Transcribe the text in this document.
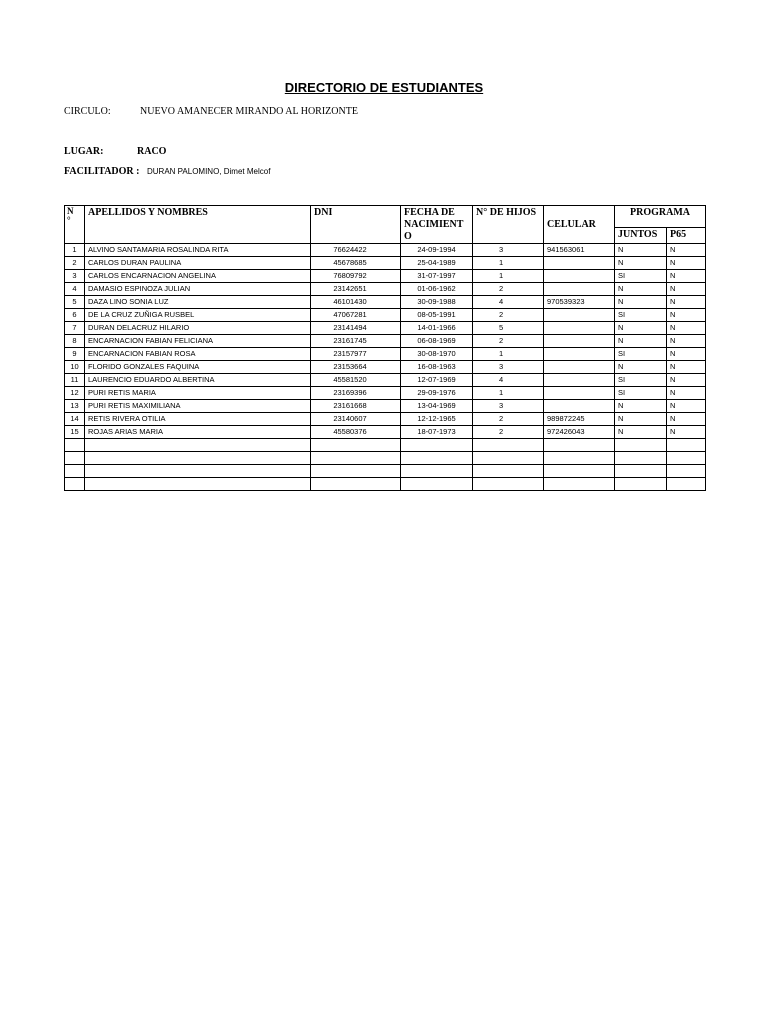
DIRECTORIO DE ESTUDIANTES
CIRCULO:	NUEVO AMANECER MIRANDO AL HORIZONTE
LUGAR:	RACO
FACILITADOR : DURAN PALOMINO, Dimet Melcof
N
°	APELLIDOS Y NOMBRES	DNI	FECHA DE NACIMIENT O	N° DE HIJOS	CELULAR	PROGRAMA	
						JUNTOS	P65
1	ALVINO SANTAMARIA ROSALINDA RITA	76624422	24-09-1994	3	941563061	N	N
2	CARLOS DURAN PAULINA	45678685	25-04-1989	1		N	N
3	CARLOS ENCARNACION ANGELINA	76809792	31-07-1997	1		SI	N
4	DAMASIO ESPINOZA JULIAN	23142651	01-06-1962	2		N	N
5	DAZA LINO SONIA LUZ	46101430	30-09-1988	4	970539323	N	N
6	DE LA CRUZ ZUÑIGA RUSBEL	47067281	08-05-1991	2		SI	N
7	DURAN DELACRUZ HILARIO	23141494	14-01-1966	5		N	N
8	ENCARNACION FABIAN FELICIANA	23161745	06-08-1969	2		N	N
9	ENCARNACION FABIAN ROSA	23157977	30-08-1970	1		SI	N
10	FLORIDO GONZALES FAQUINA	23153664	16-08-1963	3		N	N
11	LAURENCIO EDUARDO ALBERTINA	45581520	12-07-1969	4		SI	N
12	PURI RETIS MARIA	23169396	29-09-1976	1		SI	N
13	PURI RETIS MAXIMILIANA	23161668	13-04-1969	3		N	N
14	RETIS RIVERA OTILIA	23140607	12-12-1965	2	989872245	N	N
15	ROJAS ARIAS MARIA	45580376	18-07-1973	2	972426043	N	N
